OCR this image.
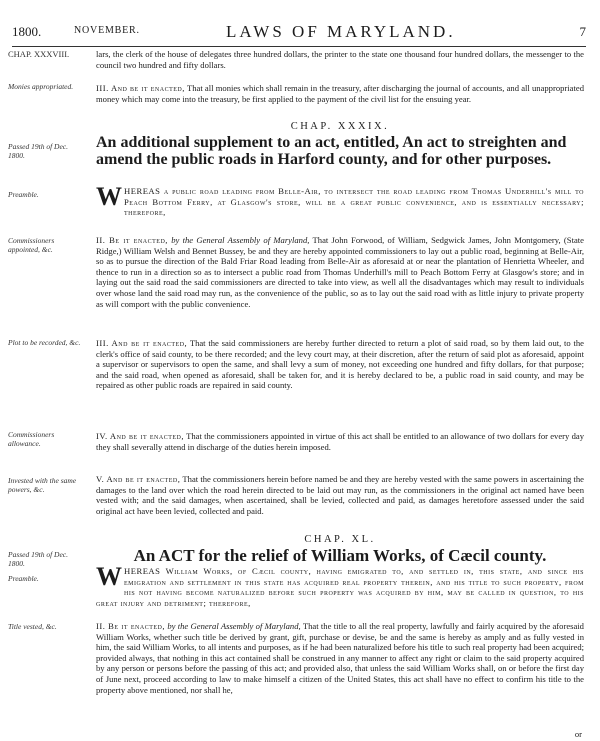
1800.	NOVEMBER.	LAWS OF MARYLAND.	7
CHAP. XXXVIII.	lars, the clerk of the house of delegates three hundred dollars, the printer to the state one thousand four hundred dollars, the messenger to the council two hundred and fifty dollars.
Monies appropriated.	III. And be it enacted, That all monies which shall remain in the treasury, after discharging the journal of accounts, and all unappropriated money which may come into the treasury, be first applied to the payment of the civil list for the ensuing year.
CHAP. XXXIX.
Passed 19th of Dec. 1800.
An additional supplement to an act, entitled, An act to streighten and amend the public roads in Harford county, and for other purposes.
Preamble.	WHEREAS a public road leading from Belle-Air, to intersect the road leading from Thomas Underhill's mill to Peach Bottom Ferry, at Glasgow's store, will be a great public convenience, and is essentially necessary; therefore,
Commissioners appointed, &c.
II. Be it enacted, by the General Assembly of Maryland, That John Forwood, of William, Sedgwick James, John Montgomery, (State Ridge,) William Welsh and Bennet Bussey, be and they are hereby appointed commissioners to lay out a public road, beginning at Belle-Air, so as to pursue the direction of the Bald Friar Road leading from Belle-Air as aforesaid at or near the plantation of Henrietta Wheeler, and thence to run in a direction so as to intersect a public road from Thomas Underhill's mill to Peach Bottom Ferry at Glasgow's store; and in laying out the said road the said commissioners are directed to take into view, as well all the disadvantages which may result to individuals over whose land the said road may run, as the convenience of the public, so as to lay out the said road with as little injury to private property as will comport with the public convenience.
Plot to be recorded, &c.	III. And be it enacted, That the said commissioners are hereby further directed to return a plot of said road, so by them laid out, to the clerk's office of said county, to be there recorded; and the levy court may, at their discretion, after the return of said plot as aforesaid, appoint a supervisor or supervisors to open the same, and shall levy a sum of money, not exceeding one hundred and fifty dollars, for that purpose; and the said road, when opened as aforesaid, shall be taken for, and it is hereby declared to be, a public road in said county, and may be repaired as other public roads are repaired in said county.
Commissioners allowance.
IV. And be it enacted, That the commissioners appointed in virtue of this act shall be entitled to an allowance of two dollars for every day they shall severally attend in discharge of the duties herein imposed.
Invested with the same powers, &c.
V. And be it enacted, That the commissioners herein before named be and they are hereby vested with the same powers in ascertaining the damages to the land over which the road herein directed to be laid out may run, as the commissioners in the original act named have been vested with; and the said damages, when ascertained, shall be levied, collected and paid, as damages heretofore assessed under the said original act have been levied, collected and paid.
CHAP. XL.
Passed 19th of Dec. 1800.	An ACT for the relief of William Works, of Cæcil county.
Preamble.	WHEREAS William Works, of Cæcil county, having emigrated to, and settled in, this state, and since his emigration and settlement in this state has acquired real property therein, and his title to such property, from his not having become naturalized before such property was acquired by him, may be called in question, to his great injury and detriment; therefore,
Title vested, &c.	II. Be it enacted, by the General Assembly of Maryland, That the title to all the real property, lawfully and fairly acquired by the aforesaid William Works, whether such title be derived by grant, gift, purchase or devise, be and the same is hereby as amply and as fully vested in him, the said William Works, to all intents and purposes, as if he had been naturalized before his title to such real property had been acquired; provided always, that nothing in this act contained shall be construed in any manner to affect any right or claim to the said property acquired by any person or persons before the passing of this act; and provided also, that unless the said William Works shall, on or before the first day of June next, proceed according to law to make himself a citizen of the United States, this act shall have no effect to confirm his title to the property above mentioned, nor shall he,
or
